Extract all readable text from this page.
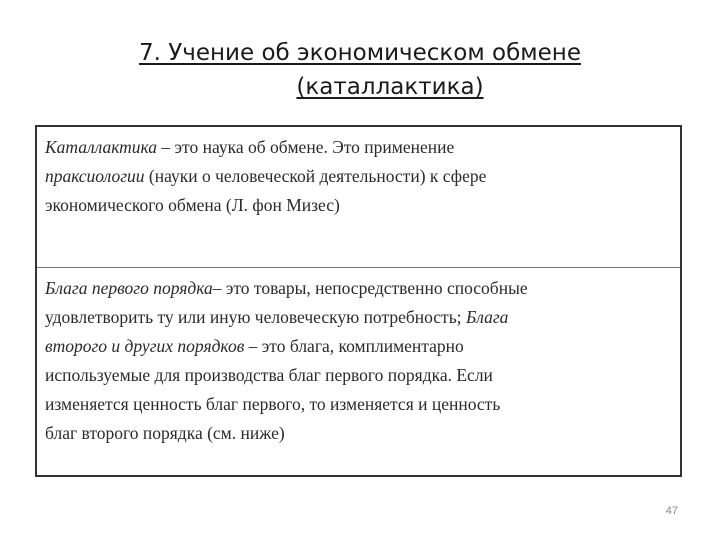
7. Учение об экономическом обмене
(каталлактика)
Каталлактика – это наука об обмене. Это применение
праксиологии (науки о человеческой деятельности) к сфере
экономического обмена (Л. фон Мизес)
Блага первого порядка– это товары, непосредственно способные
удовлетворить ту или иную человеческую потребность; Блага
второго и других порядков – это блага, комплиментарно
используемые для производства благ первого порядка. Если
изменяется ценность благ первого, то изменяется и ценность
благ второго порядка (см. ниже)
47
